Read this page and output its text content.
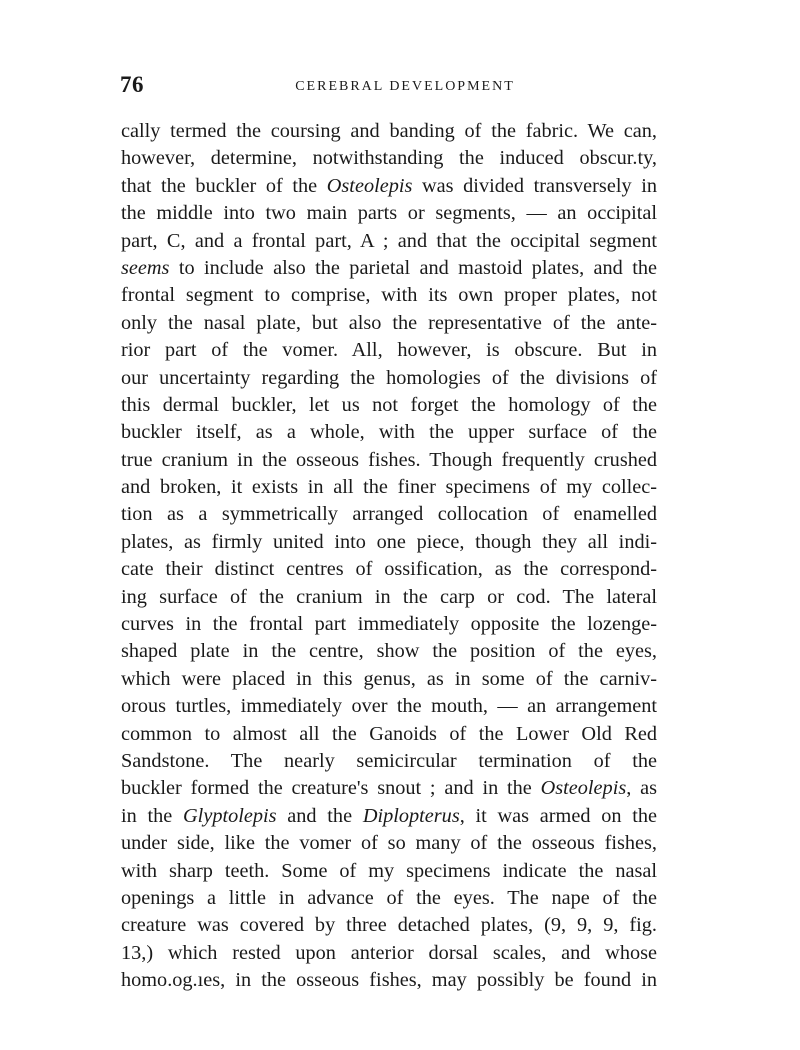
76	CEREBRAL DEVELOPMENT
cally termed the coursing and banding of the fabric. We can,
however, determine, notwithstanding the induced obscur.ty,
that the buckler of the Osteolepis was divided transversely in
the middle into two main parts or segments, — an occipital
part, C, and a frontal part, A ; and that the occipital segment
seems to include also the parietal and mastoid plates, and the
frontal segment to comprise, with its own proper plates, not
only the nasal plate, but also the representative of the ante-
rior part of the vomer. All, however, is obscure. But in
our uncertainty regarding the homologies of the divisions of
this dermal buckler, let us not forget the homology of the
buckler itself, as a whole, with the upper surface of the
true cranium in the osseous fishes. Though frequently crushed
and broken, it exists in all the finer specimens of my collec-
tion as a symmetrically arranged collocation of enamelled
plates, as firmly united into one piece, though they all indi-
cate their distinct centres of ossification, as the correspond-
ing surface of the cranium in the carp or cod. The lateral
curves in the frontal part immediately opposite the lozenge-
shaped plate in the centre, show the position of the eyes,
which were placed in this genus, as in some of the carniv-
orous turtles, immediately over the mouth, — an arrangement
common to almost all the Ganoids of the Lower Old Red
Sandstone. The nearly semicircular termination of the
buckler formed the creature's snout ; and in the Osteolepis, as
in the Glyptolepis and the Diplopterus, it was armed on the
under side, like the vomer of so many of the osseous fishes,
with sharp teeth. Some of my specimens indicate the nasal
openings a little in advance of the eyes. The nape of the
creature was covered by three detached plates, (9, 9, 9, fig.
13,) which rested upon anterior dorsal scales, and whose
homo.og.ıes, in the osseous fishes, may possibly be found in
